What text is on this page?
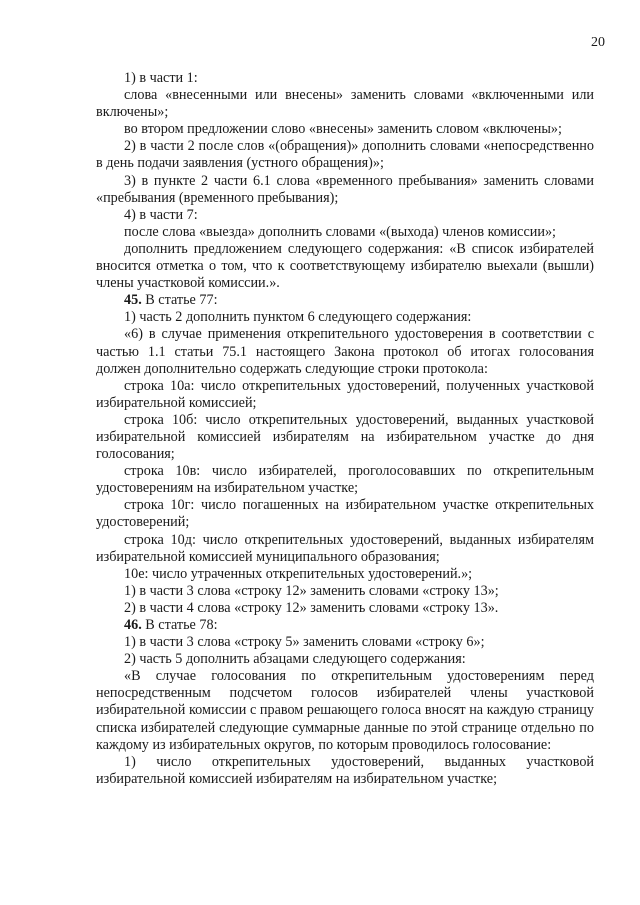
20

1) в части 1:

слова «внесенными или внесены» заменить словами «включенными или включены»;

во втором предложении слово «внесены» заменить словом «включены»;

2) в части 2 после слов «(обращения)» дополнить словами «непосредственно в день подачи заявления (устного обращения)»;

3) в пункте 2 части 6.1 слова «временного пребывания» заменить словами «пребывания (временного пребывания);

4) в части 7:

после слова «выезда» дополнить словами «(выхода) членов комиссии»;

дополнить предложением следующего содержания: «В список избирателей вносится отметка о том, что к соответствующему избирателю выехали (вышли) члены участковой комиссии.».

45. В статье 77:

1) часть 2 дополнить пунктом 6 следующего содержания:

«6) в случае применения открепительного удостоверения в соответствии с частью 1.1 статьи 75.1 настоящего Закона протокол об итогах голосования должен дополнительно содержать следующие строки протокола:

строка 10а: число открепительных удостоверений, полученных участковой избирательной комиссией;

строка 10б: число открепительных удостоверений, выданных участковой избирательной комиссией избирателям на избирательном участке до дня голосования;

строка 10в: число избирателей, проголосовавших по открепительным удостоверениям на избирательном участке;

строка 10г: число погашенных на избирательном участке открепительных удостоверений;

строка 10д: число открепительных удостоверений, выданных избирателям избирательной комиссией муниципального образования;

10е: число утраченных открепительных удостоверений.»;

1) в части 3 слова «строку 12» заменить словами «строку 13»;

2) в части 4 слова «строку 12» заменить словами «строку 13».

46. В статье 78:

1) в части 3 слова «строку 5» заменить словами «строку 6»;

2) часть 5 дополнить абзацами следующего содержания:

«В случае голосования по открепительным удостоверениям перед непосредственным подсчетом голосов избирателей члены участковой избирательной комиссии с правом решающего голоса вносят на каждую страницу списка избирателей следующие суммарные данные по этой странице отдельно по каждому из избирательных округов, по которым проводилось голосование:

1) число открепительных удостоверений, выданных участковой избирательной комиссией избирателям на избирательном участке;
